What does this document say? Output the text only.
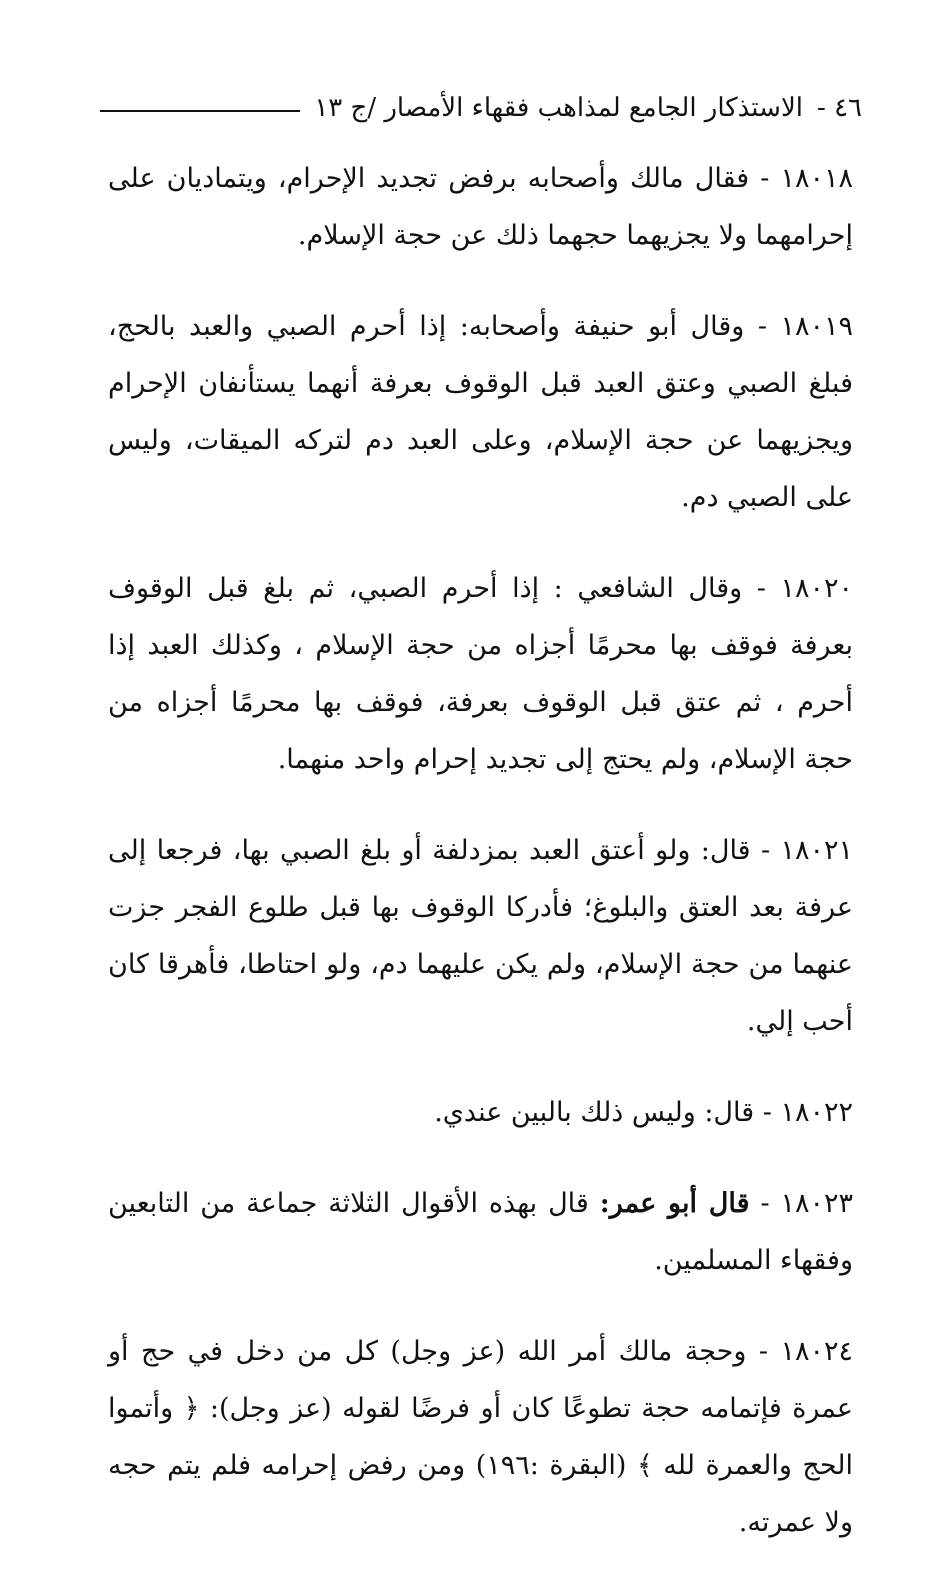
٤٦ -
الاستذكار الجامع لمذاهب فقهاء الأمصار /ج ١٣

١٨٠١٨ - فقال مالك وأصحابه برفض تجديد الإحرام، ويتماديان على إحرامهما ولا يجزيهما حجهما ذلك عن حجة الإسلام.

١٨٠١٩ - وقال أبو حنيفة وأصحابه: إذا أحرم الصبي والعبد بالحج، فبلغ الصبي وعتق العبد قبل الوقوف بعرفة أنهما يستأنفان الإحرام ويجزيهما عن حجة الإسلام، وعلى العبد دم لتركه الميقات، وليس على الصبي دم.

١٨٠٢٠ - وقال الشافعي : إذا أحرم الصبي، ثم بلغ قبل الوقوف بعرفة فوقف بها محرمًا أجزاه من حجة الإسلام ، وكذلك العبد إذا أحرم ، ثم عتق قبل الوقوف بعرفة، فوقف بها محرمًا أجزاه من حجة الإسلام، ولم يحتج إلى تجديد إحرام واحد منهما.

١٨٠٢١ - قال: ولو أعتق العبد بمزدلفة أو بلغ الصبي بها، فرجعا إلى عرفة بعد العتق والبلوغ؛ فأدركا الوقوف بها قبل طلوع الفجر جزت عنهما من حجة الإسلام، ولم يكن عليهما دم، ولو احتاطا، فأهرقا كان أحب إلي.

١٨٠٢٢ - قال: وليس ذلك بالبين عندي.

١٨٠٢٣ - قال أبو عمر: قال بهذه الأقوال الثلاثة جماعة من التابعين وفقهاء المسلمين.

١٨٠٢٤ - وحجة مالك أمر الله (عز وجل) كل من دخل في حج أو عمرة فإتمامه حجة تطوعًا كان أو فرضًا لقوله (عز وجل): ﴿ وأتموا الحج والعمرة لله ﴾ (البقرة :١٩٦) ومن رفض إحرامه فلم يتم حجه ولا عمرته.
